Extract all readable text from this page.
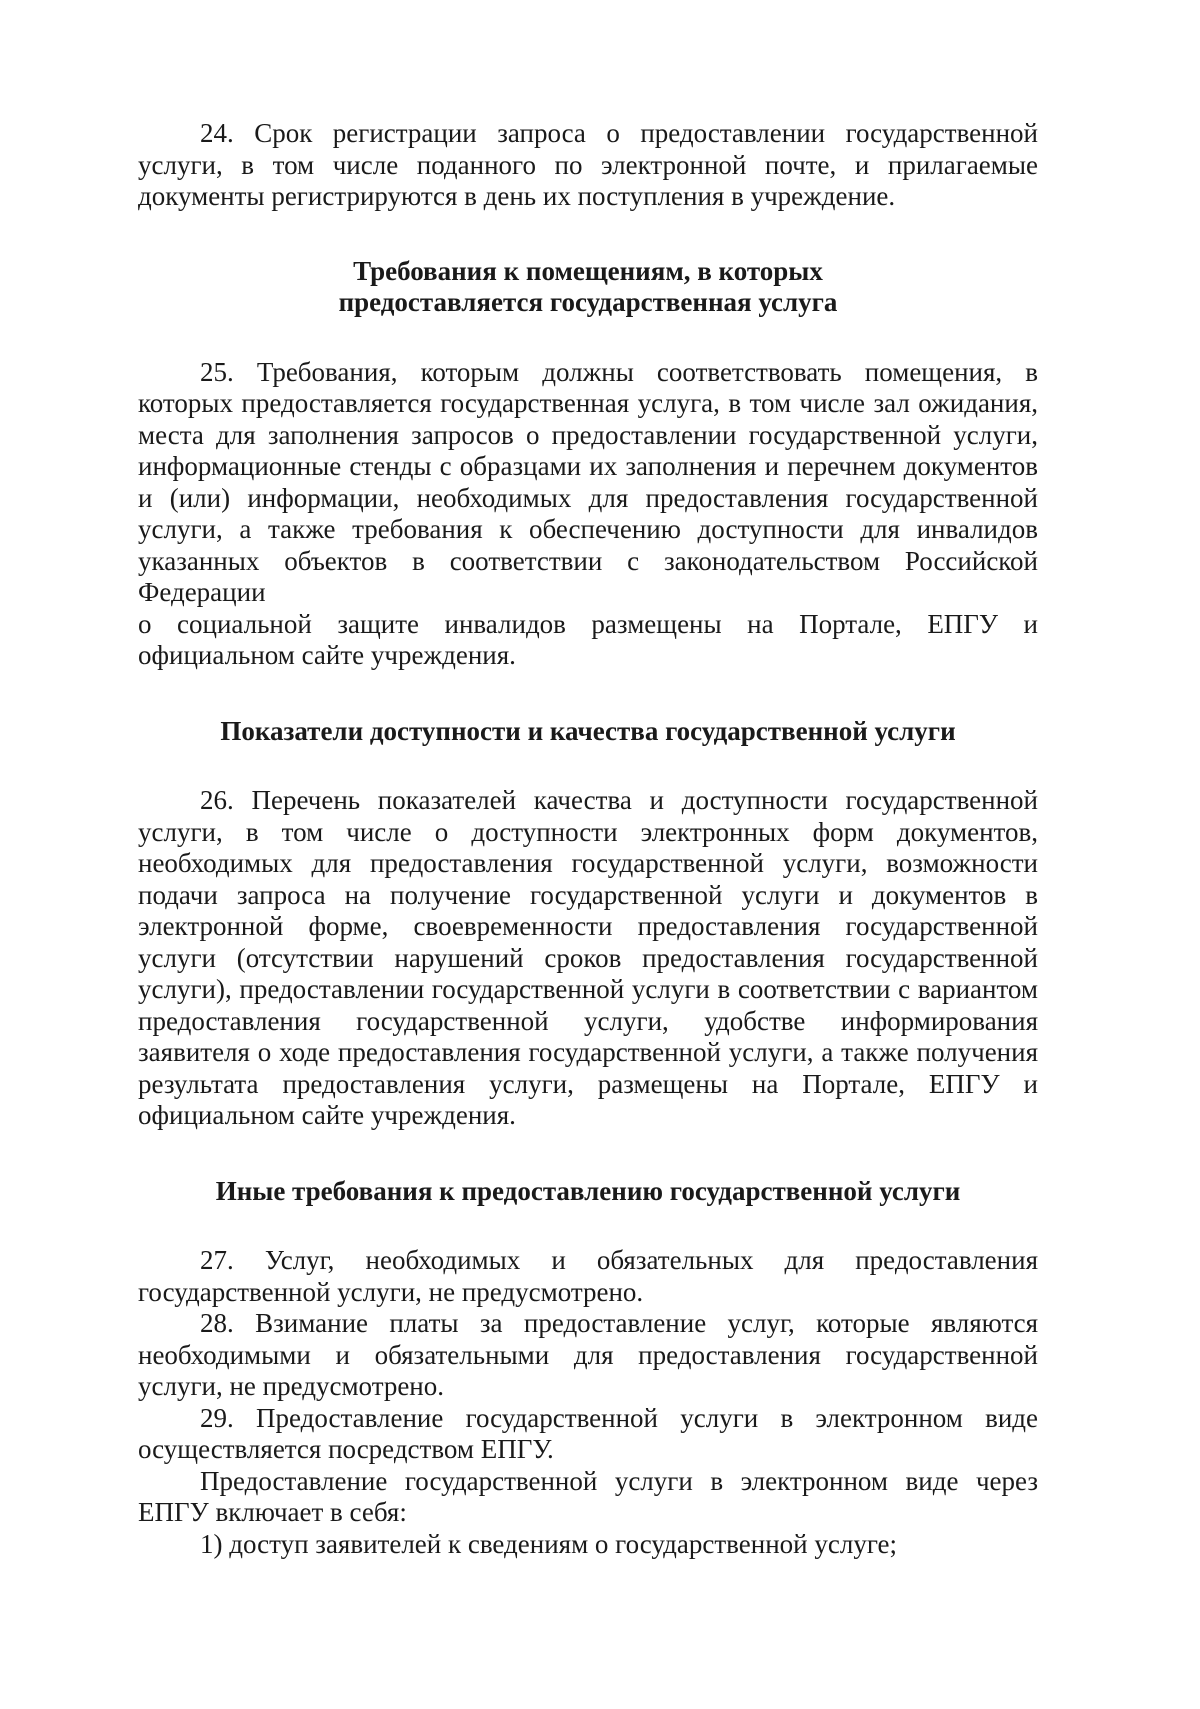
24. Срок регистрации запроса о предоставлении государственной услуги, в том числе поданного по электронной почте, и прилагаемые документы регистрируются в день их поступления в учреждение.

Требования к помещениям, в которых

предоставляется государственная услуга

25. Требования, которым должны соответствовать помещения, в которых предоставляется государственная услуга, в том числе зал ожидания, места для заполнения запросов о предоставлении государственной услуги, информационные стенды с образцами их заполнения и перечнем документов и (или) информации, необходимых для предоставления государственной услуги, а также требования к обеспечению доступности для инвалидов указанных объектов в соответствии с законодательством Российской Федерации

о социальной защите инвалидов размещены на Портале, ЕПГУ и официальном сайте учреждения.

Показатели доступности и качества государственной услуги

26. Перечень показателей качества и доступности государственной услуги, в том числе о доступности электронных форм документов, необходимых для предоставления государственной услуги, возможности подачи запроса на получение государственной услуги и документов в электронной форме, своевременности предоставления государственной услуги (отсутствии нарушений сроков предоставления государственной услуги), предоставлении государственной услуги в соответствии с вариантом предоставления государственной услуги, удобстве информирования заявителя о ходе предоставления государственной услуги, а также получения результата предоставления услуги, размещены на Портале, ЕПГУ и официальном сайте учреждения.

Иные требования к предоставлению государственной услуги

27. Услуг, необходимых и обязательных для предоставления государственной услуги, не предусмотрено.

28. Взимание платы за предоставление услуг, которые являются необходимыми и обязательными для предоставления государственной услуги, не предусмотрено.

29. Предоставление государственной услуги в электронном виде осуществляется посредством ЕПГУ.

Предоставление государственной услуги в электронном виде через ЕПГУ включает в себя:

1) доступ заявителей к сведениям о государственной услуге;
